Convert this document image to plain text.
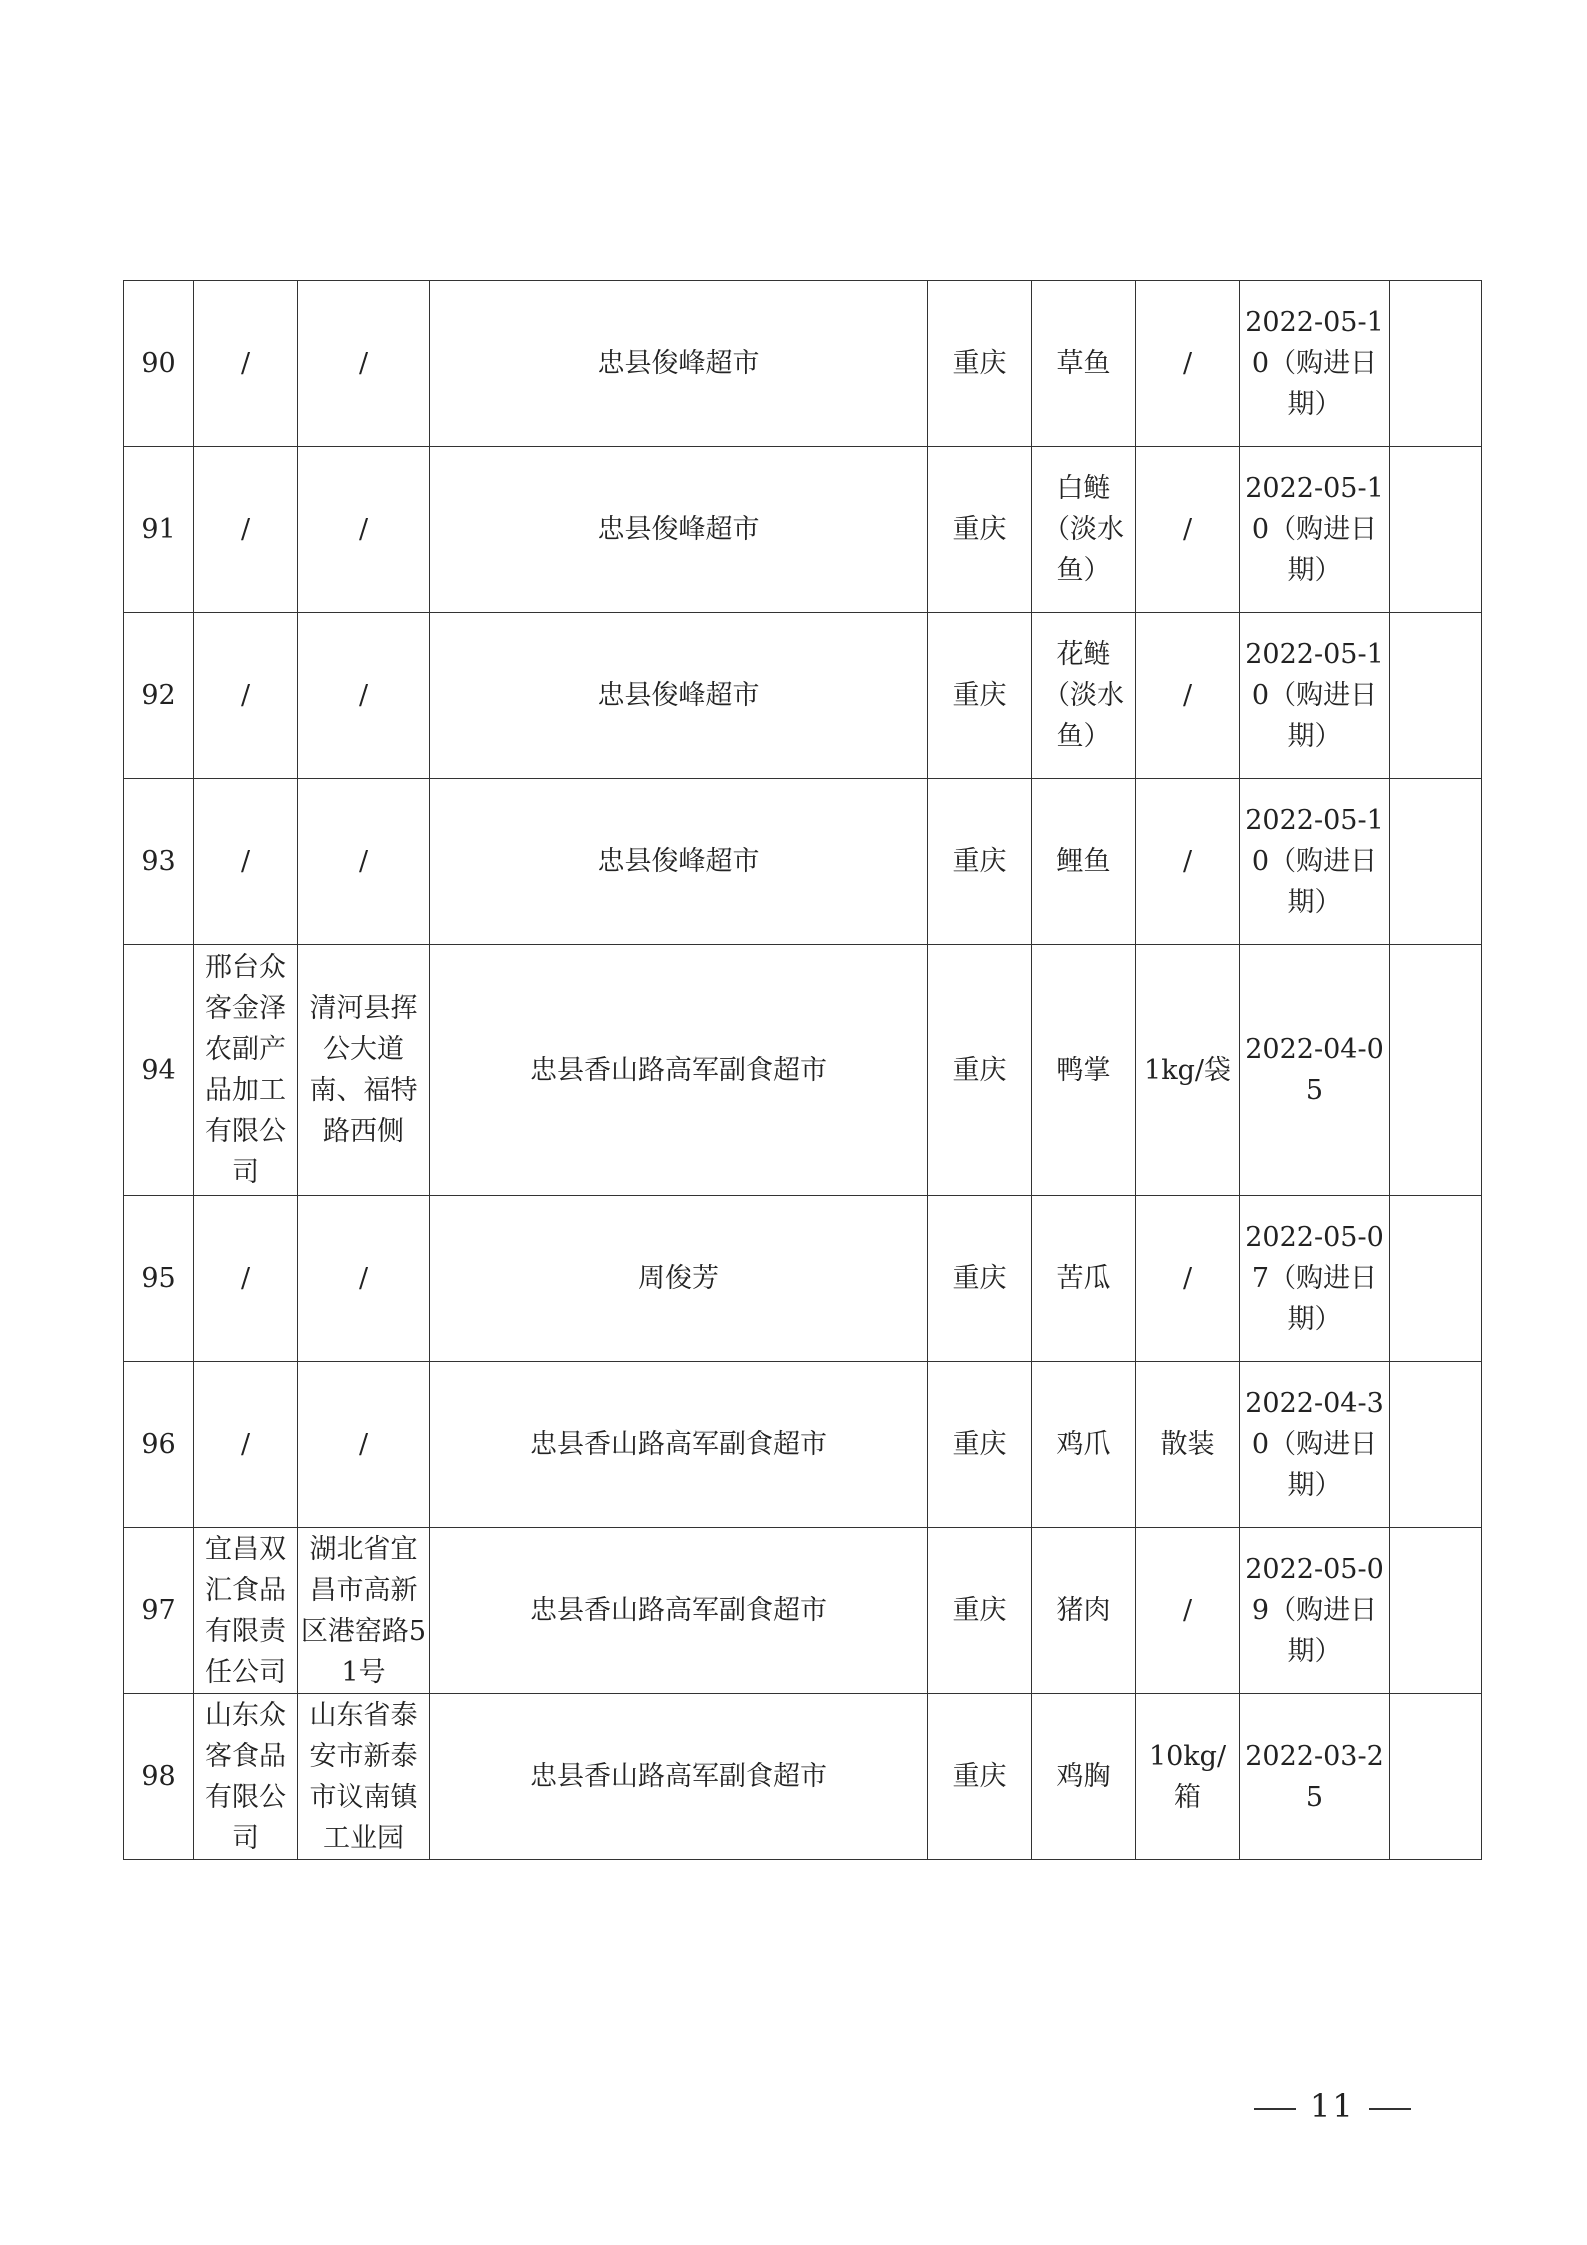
90	/	/	忠县俊峰超市	重庆	草鱼	/	2022-05-10（购进日期）	
91	/	/	忠县俊峰超市	重庆	白鲢（淡水鱼）	/	2022-05-10（购进日期）	
92	/	/	忠县俊峰超市	重庆	花鲢（淡水鱼）	/	2022-05-10（购进日期）	
93	/	/	忠县俊峰超市	重庆	鲤鱼	/	2022-05-10（购进日期）	
94	邢台众客金泽农副产品加工有限公司	清河县挥公大道南、福特路西侧	忠县香山路高军副食超市	重庆	鸭掌	1kg/袋	2022-04-05	
95	/	/	周俊芳	重庆	苦瓜	/	2022-05-07（购进日期）	
96	/	/	忠县香山路高军副食超市	重庆	鸡爪	散装	2022-04-30（购进日期）	
97	宜昌双汇食品有限责任公司	湖北省宜昌市高新区港窑路51号	忠县香山路高军副食超市	重庆	猪肉	/	2022-05-09（购进日期）	
98	山东众客食品有限公司	山东省泰安市新泰市议南镇工业园	忠县香山路高军副食超市	重庆	鸡胸	10kg/箱	2022-03-25	
11
